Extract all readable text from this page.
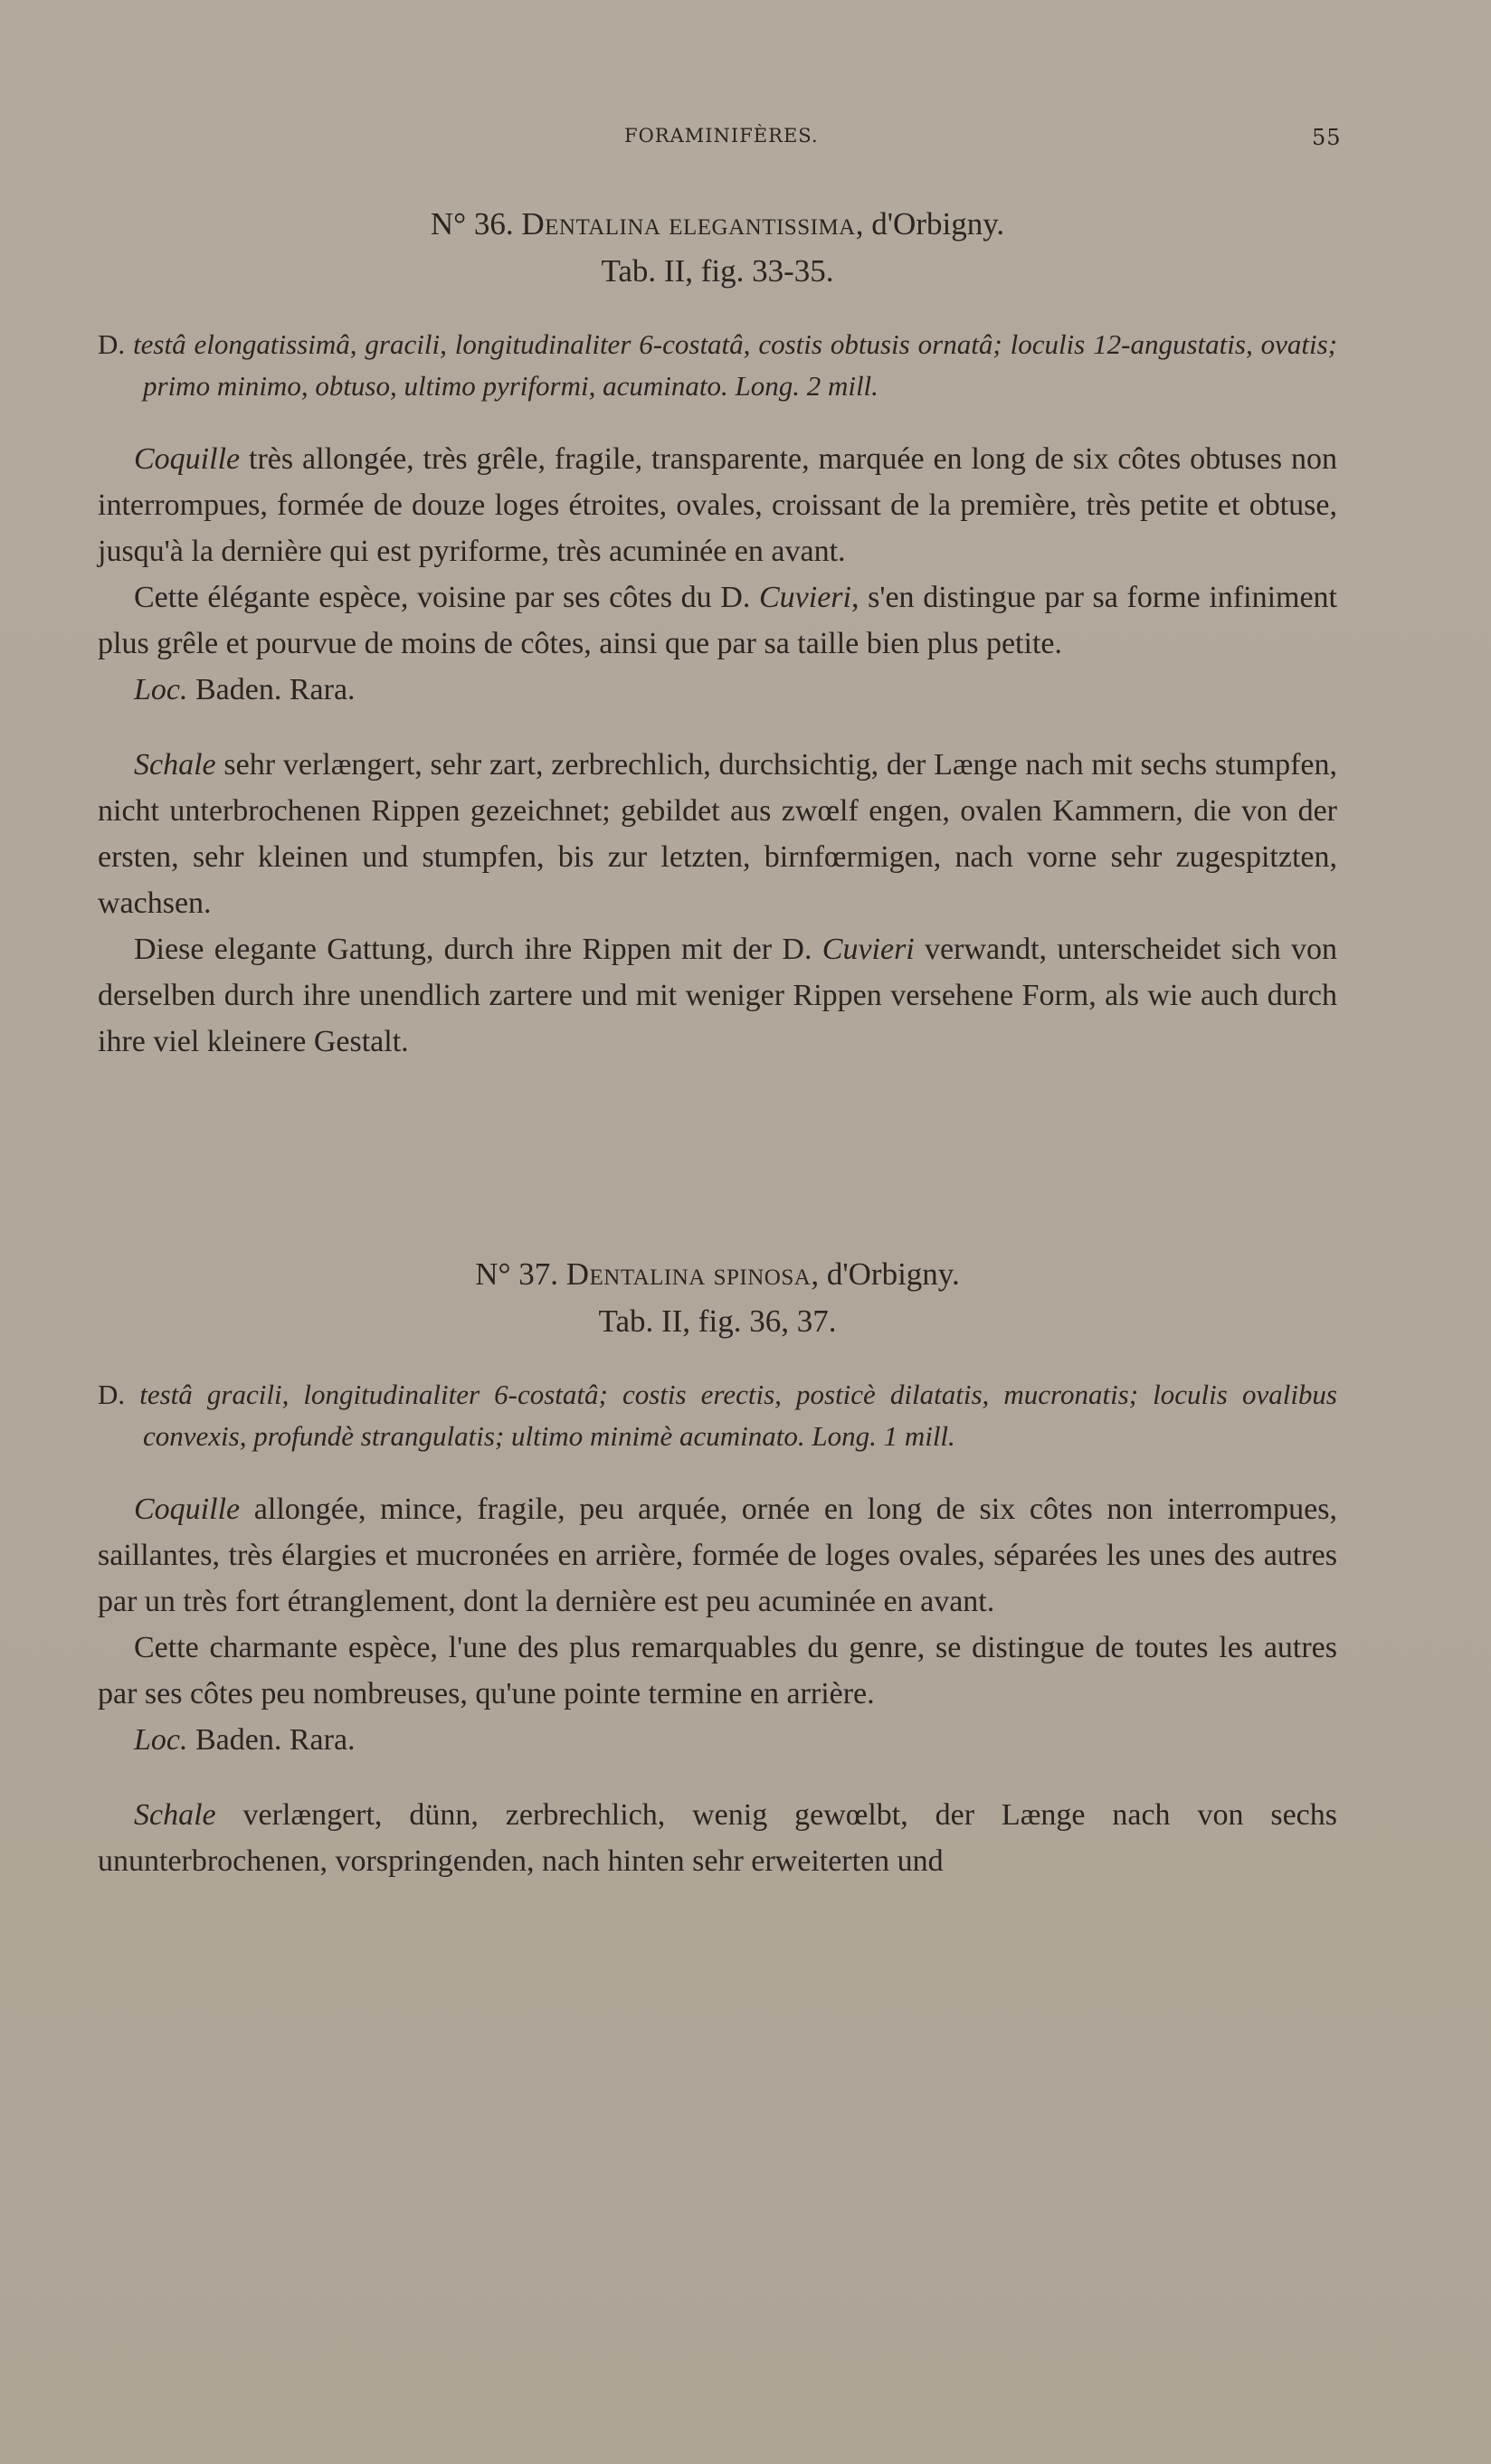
FORAMINIFÈRES.	55
N° 36. Dentalina elegantissima, d'Orbigny.
Tab. II, fig. 33-35.

D. testâ elongatissimâ, gracili, longitudinaliter 6-costatâ, costis obtusis ornatâ; loculis 12-angustatis, ovatis; primo minimo, obtuso, ultimo pyriformi, acuminato. Long. 2 mill.

Coquille très allongée, très grêle, fragile, transparente, marquée en long de six côtes obtuses non interrompues, formée de douze loges étroites, ovales, croissant de la première, très petite et obtuse, jusqu'à la dernière qui est pyriforme, très acuminée en avant.

Cette élégante espèce, voisine par ses côtes du D. Cuvieri, s'en distingue par sa forme infiniment plus grêle et pourvue de moins de côtes, ainsi que par sa taille bien plus petite.

Loc. Baden. Rara.

Schale sehr verlængert, sehr zart, zerbrechlich, durchsichtig, der Længe nach mit sechs stumpfen, nicht unterbrochenen Rippen gezeichnet; gebildet aus zwœlf engen, ovalen Kammern, die von der ersten, sehr kleinen und stumpfen, bis zur letzten, birnfœrmigen, nach vorne sehr zugespitzten, wachsen.

Diese elegante Gattung, durch ihre Rippen mit der D. Cuvieri verwandt, unterscheidet sich von derselben durch ihre unendlich zartere und mit weniger Rippen versehene Form, als wie auch durch ihre viel kleinere Gestalt.

N° 37. Dentalina spinosa, d'Orbigny.
Tab. II, fig. 36, 37.

D. testâ gracili, longitudinaliter 6-costatâ; costis erectis, posticè dilatatis, mucronatis; loculis ovalibus convexis, profundè strangulatis; ultimo minimè acuminato. Long. 1 mill.

Coquille allongée, mince, fragile, peu arquée, ornée en long de six côtes non interrompues, saillantes, très élargies et mucronées en arrière, formée de loges ovales, séparées les unes des autres par un très fort étranglement, dont la dernière est peu acuminée en avant.

Cette charmante espèce, l'une des plus remarquables du genre, se distingue de toutes les autres par ses côtes peu nombreuses, qu'une pointe termine en arrière.

Loc. Baden. Rara.

Schale verlængert, dünn, zerbrechlich, wenig gewœlbt, der Længe nach von sechs ununterbrochenen, vorspringenden, nach hinten sehr erweiterten und
